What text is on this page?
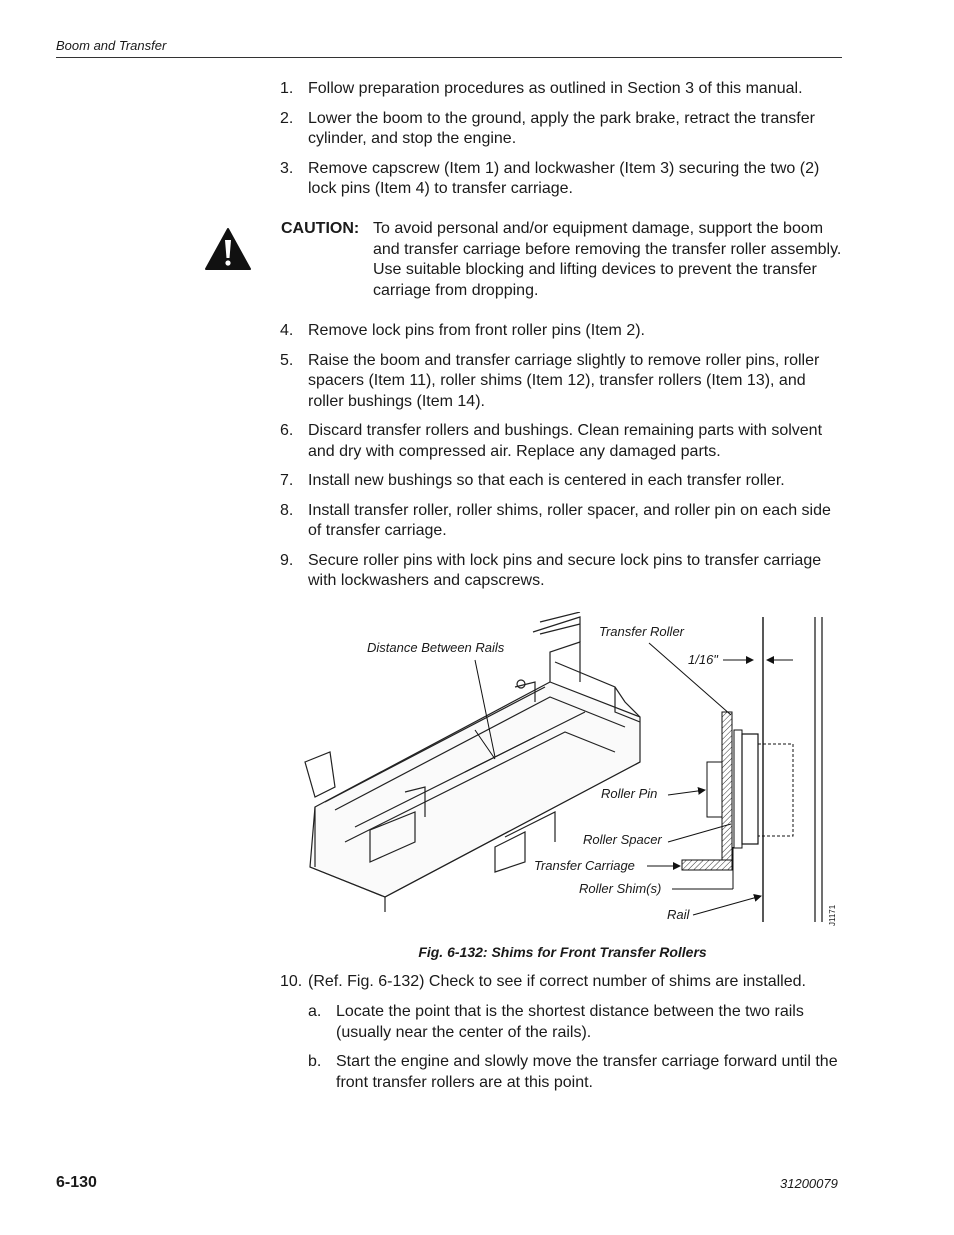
Boom and Transfer
1. Follow preparation procedures as outlined in Section 3 of this manual.
2. Lower the boom to the ground, apply the park brake, retract the transfer cylinder, and stop the engine.
3. Remove capscrew (Item 1) and lockwasher (Item 3) securing the two (2) lock pins (Item 4) to transfer carriage.
CAUTION: To avoid personal and/or equipment damage, support the boom and transfer carriage before removing the transfer roller assembly. Use suitable blocking and lifting devices to prevent the transfer carriage from dropping.
4. Remove lock pins from front roller pins (Item 2).
5. Raise the boom and transfer carriage slightly to remove roller pins, roller spacers (Item 11), roller shims (Item 12), transfer rollers (Item 13), and roller bushings (Item 14).
6. Discard transfer rollers and bushings. Clean remaining parts with solvent and dry with compressed air. Replace any damaged parts.
7. Install new bushings so that each is centered in each transfer roller.
8. Install transfer roller, roller shims, roller spacer, and roller pin on each side of transfer carriage.
9. Secure roller pins with lock pins and secure lock pins to transfer carriage with lockwashers and capscrews.
Distance Between Rails
Transfer Roller
1/16"
Roller Pin
Roller Spacer
Transfer Carriage
Roller Shim(s)
Rail	J1171
Fig. 6-132: Shims for Front Transfer Rollers
10. (Ref. Fig. 6-132) Check to see if correct number of shims are installed.
a. Locate the point that is the shortest distance between the two rails (usually near the center of the rails).
b. Start the engine and slowly move the transfer carriage forward until the front transfer rollers are at this point.
6-130	31200079
